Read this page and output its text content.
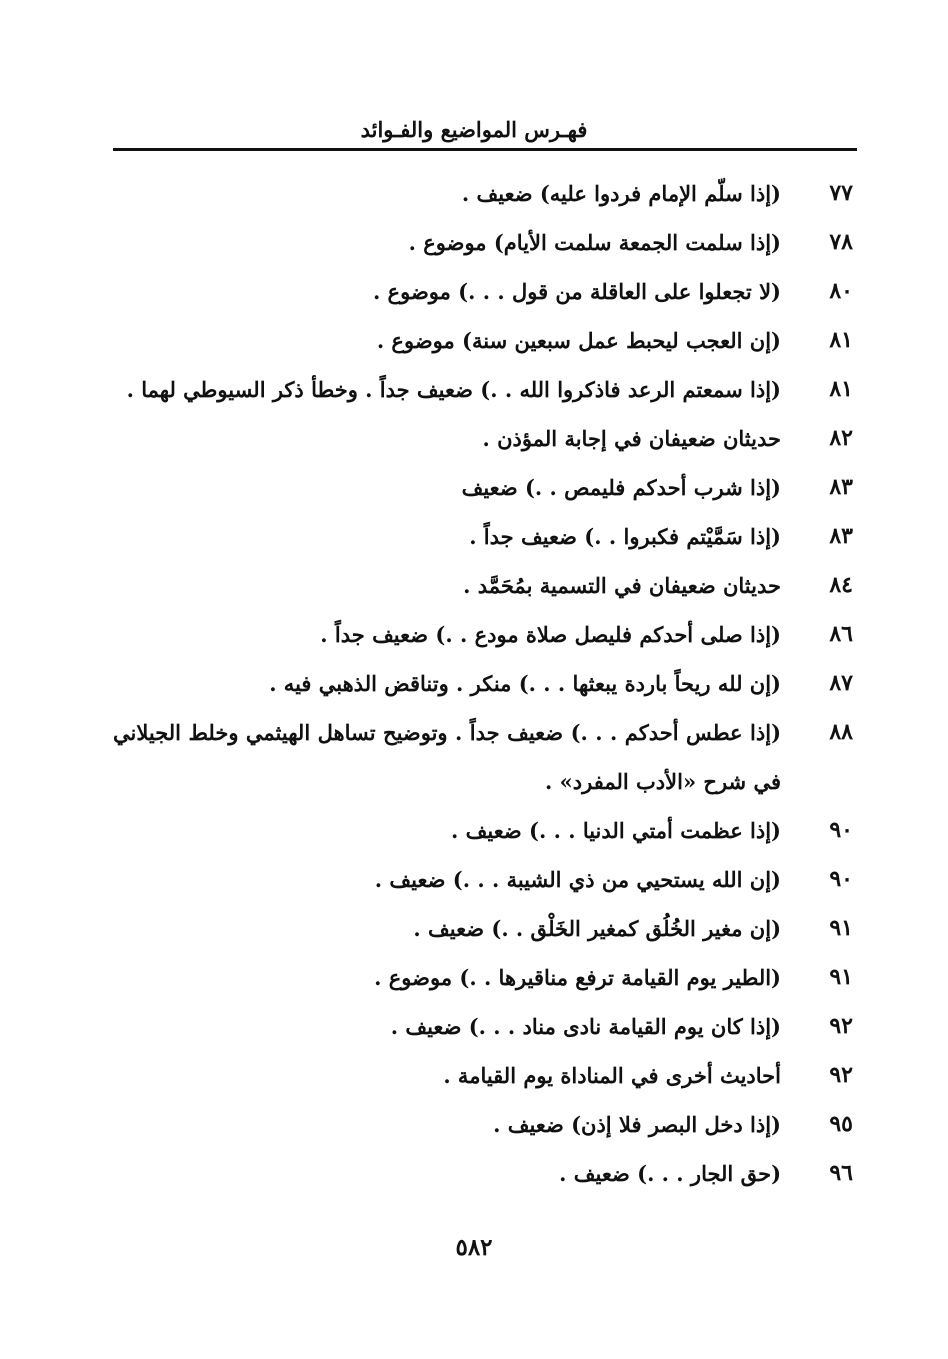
فهـرس المواضيع والفـوائد
٧٧
(إذا سلّم الإمام فردوا عليه) ضعيف .
٧٨
(إذا سلمت الجمعة سلمت الأيام) موضوع .
٨٠
(لا تجعلوا على العاقلة من قول . . .) موضوع .
٨١
(إن العجب ليحبط عمل سبعين سنة) موضوع .
٨١
(إذا سمعتم الرعد فاذكروا الله . .) ضعيف جداً . وخطأ ذكر السيوطي لهما .
٨٢
حديثان ضعيفان في إجابة المؤذن .
٨٣
(إذا شرب أحدكم فليمص . .) ضعيف
٨٣
(إذا سَمَّيْتم فكبروا . .) ضعيف جداً .
٨٤
حديثان ضعيفان في التسمية بمُحَمَّد .
٨٦
(إذا صلى أحدكم فليصل صلاة مودع . .) ضعيف جداً .
٨٧
(إن لله ريحاً باردة يبعثها . . .) منكر . وتناقض الذهبي فيه .
٨٨
(إذا عطس أحدكم . . .) ضعيف جداً . وتوضيح تساهل الهيثمي وخلط الجيلاني في شرح «الأدب المفرد» .
٩٠
(إذا عظمت أمتي الدنيا . . .) ضعيف .
٩٠
(إن الله يستحيي من ذي الشيبة . . .) ضعيف .
٩١
(إن مغير الخُلُق كمغير الخَلْق . .) ضعيف .
٩١
(الطير يوم القيامة ترفع مناقيرها . .) موضوع .
٩٢
(إذا كان يوم القيامة نادى مناد . . .) ضعيف .
٩٢
أحاديث أخرى في المناداة يوم القيامة .
٩٥
(إذا دخل البصر فلا إذن) ضعيف .
٩٦
(حق الجار . . .) ضعيف .
٥٨٢
